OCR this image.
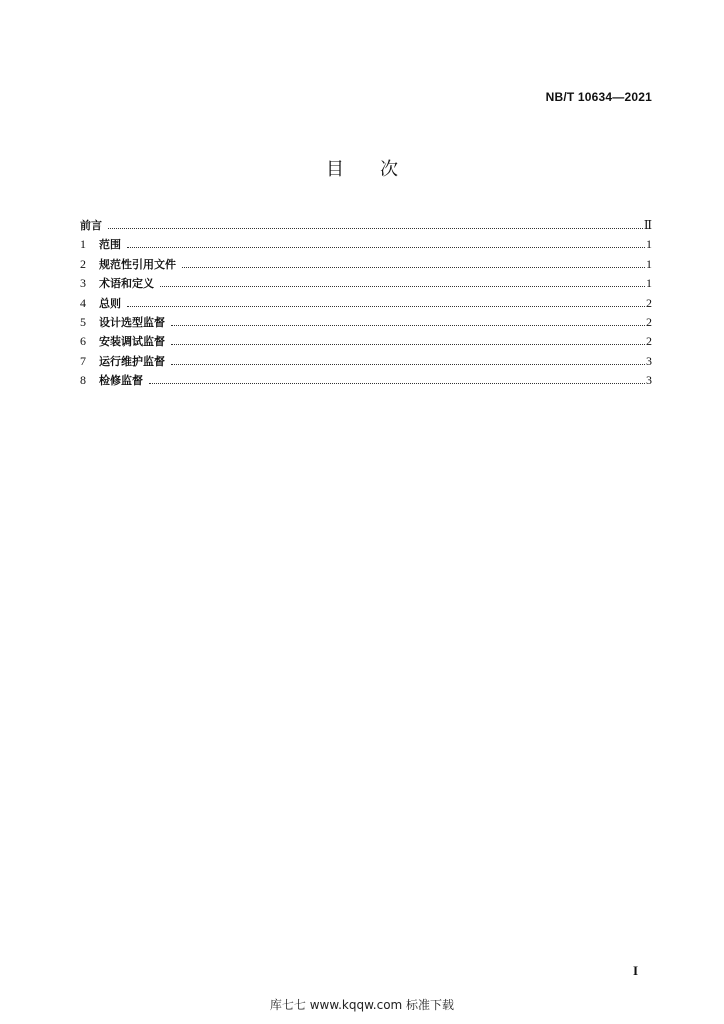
NB/T 10634—2021
目 次
前言	Ⅱ
1	范围	1
2	规范性引用文件	1
3	术语和定义	1
4	总则	2
5	设计选型监督	2
6	安装调试监督	2
7	运行维护监督	3
8	检修监督	3
I
库七七 www.kqqw.com 标准下载
